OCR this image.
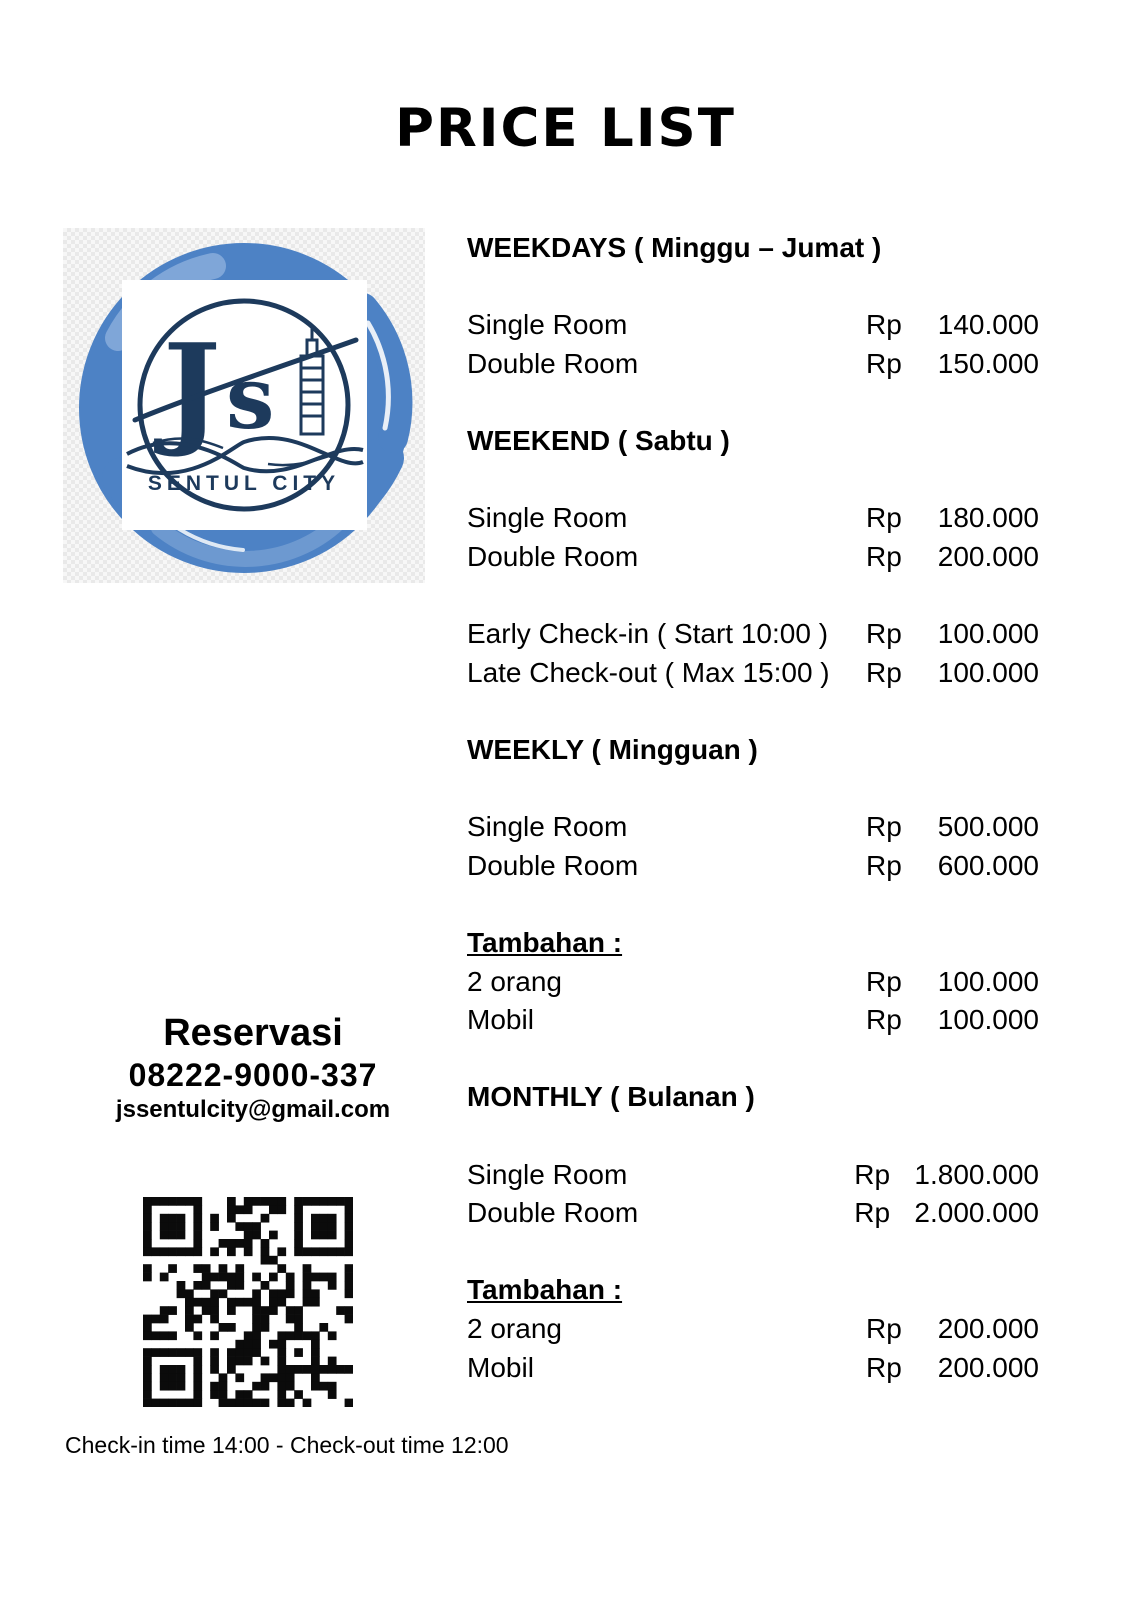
PRICE LIST
J s
SENTUL CITY
WEEKDAYS ( Minggu – Jumat )
Single Room	Rp	140.000
Double Room	Rp	150.000
WEEKEND ( Sabtu )
Single Room	Rp	180.000
Double Room	Rp	200.000
Early Check-in ( Start 10:00 )	Rp	100.000
Late Check-out ( Max 15:00 )	Rp	100.000
WEEKLY ( Mingguan )
Single Room	Rp	500.000
Double Room	Rp	600.000
Tambahan :
2 orang	Rp	100.000
Mobil	Rp	100.000
MONTHLY ( Bulanan )
Single Room	Rp 1.800.000
Double Room	Rp 2.000.000
Tambahan :
2 orang	Rp	200.000
Mobil	Rp	200.000
Reservasi
08222-9000-337
jssentulcity@gmail.com
Check-in time 14:00 - Check-out time 12:00
